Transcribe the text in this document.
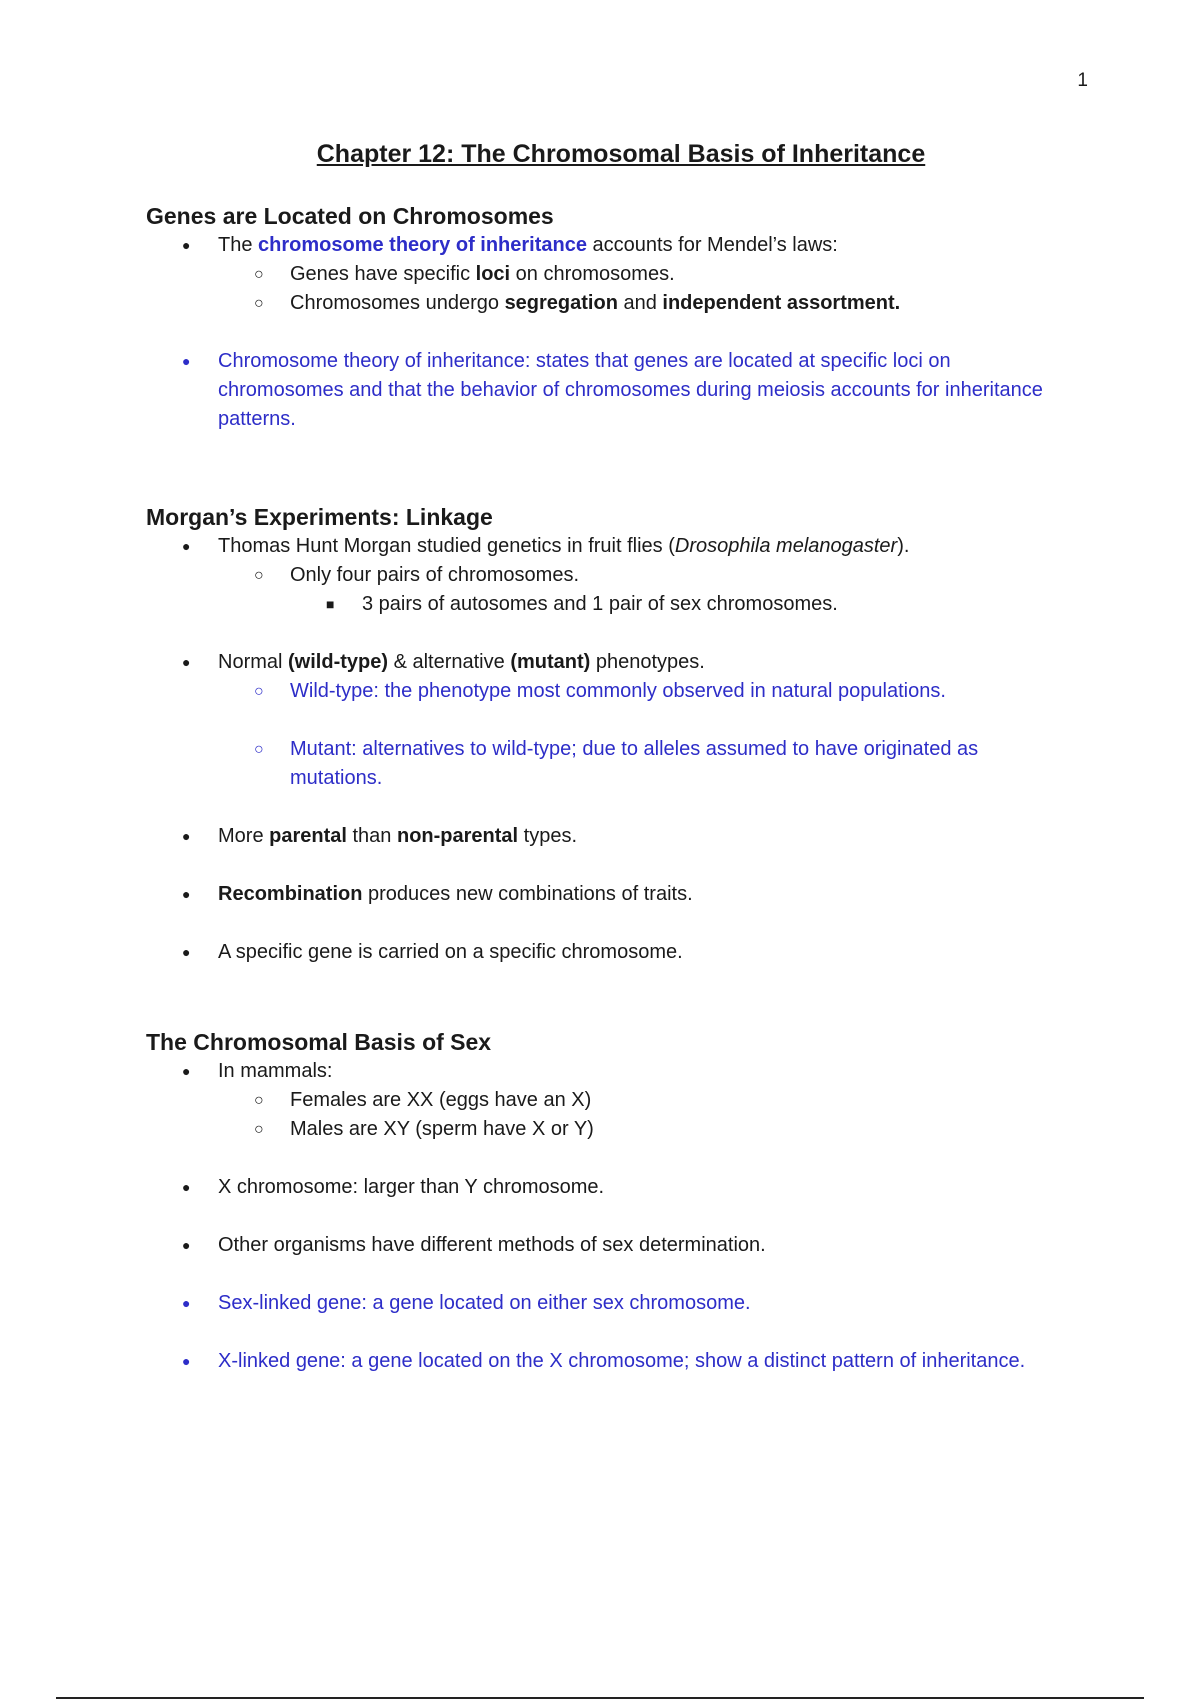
1
Chapter 12: The Chromosomal Basis of Inheritance
Genes are Located on Chromosomes
● The chromosome theory of inheritance accounts for Mendel’s laws:
○ Genes have specific loci on chromosomes.
○ Chromosomes undergo segregation and independent assortment.
● Chromosome theory of inheritance: states that genes are located at specific loci on chromosomes and that the behavior of chromosomes during meiosis accounts for inheritance patterns.
Morgan’s Experiments: Linkage
● Thomas Hunt Morgan studied genetics in fruit flies (Drosophila melanogaster).
○ Only four pairs of chromosomes.
■ 3 pairs of autosomes and 1 pair of sex chromosomes.
● Normal (wild-type) & alternative (mutant) phenotypes.
○ Wild-type: the phenotype most commonly observed in natural populations.
○ Mutant: alternatives to wild-type; due to alleles assumed to have originated as mutations.
● More parental than non-parental types.
● Recombination produces new combinations of traits.
● A specific gene is carried on a specific chromosome.
The Chromosomal Basis of Sex
● In mammals:
○ Females are XX (eggs have an X)
○ Males are XY (sperm have X or Y)
● X chromosome: larger than Y chromosome.
● Other organisms have different methods of sex determination.
● Sex-linked gene: a gene located on either sex chromosome.
● X-linked gene: a gene located on the X chromosome; show a distinct pattern of inheritance.
